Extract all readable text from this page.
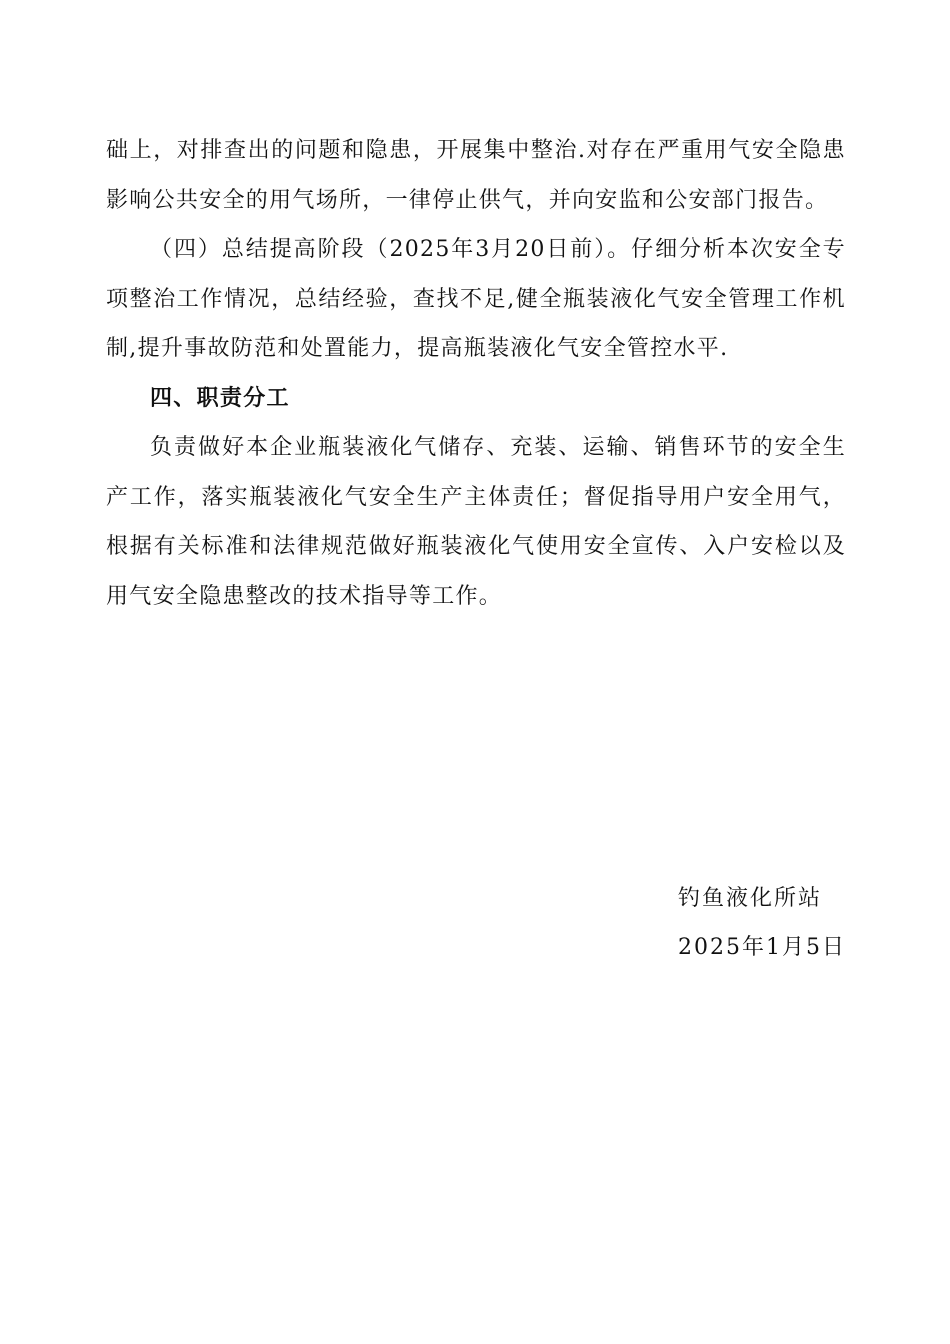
础上，对排查出的问题和隐患，开展集中整治.对存在严重用气安全隐患影响公共安全的用气场所，一律停止供气，并向安监和公安部门报告。

（四）总结提高阶段（2025年3月20日前）。仔细分析本次安全专项整治工作情况，总结经验，查找不足,健全瓶装液化气安全管理工作机制,提升事故防范和处置能力，提高瓶装液化气安全管控水平.

四、职责分工

负责做好本企业瓶装液化气储存、充装、运输、销售环节的安全生产工作，落实瓶装液化气安全生产主体责任；督促指导用户安全用气，根据有关标准和法律规范做好瓶装液化气使用安全宣传、入户安检以及用气安全隐患整改的技术指导等工作。

钓鱼液化所站

2025年1月5日
